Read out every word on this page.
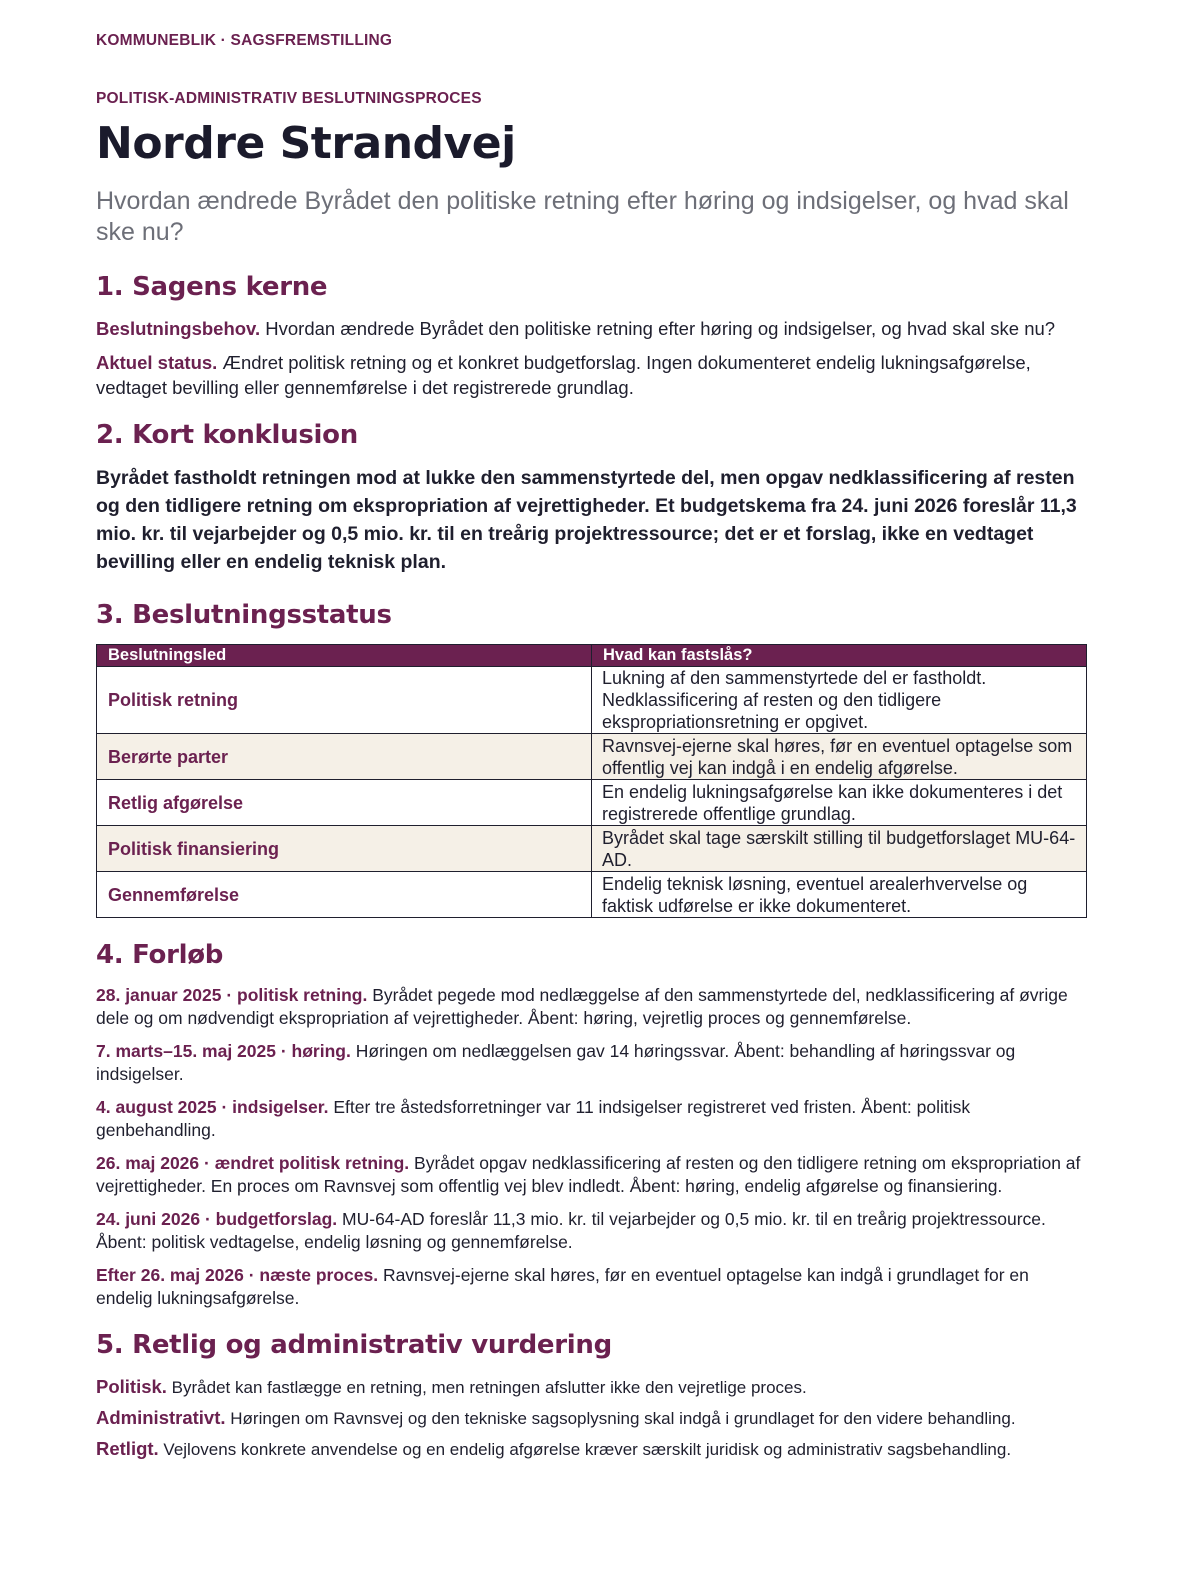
KOMMUNEBLIK · SAGSFREMSTILLING
POLITISK-ADMINISTRATIV BESLUTNINGSPROCES
Nordre Strandvej
Hvordan ændrede Byrådet den politiske retning efter høring og indsigelser, og hvad skal ske nu?
1. Sagens kerne

Beslutningsbehov. Hvordan ændrede Byrådet den politiske retning efter høring og indsigelser, og hvad skal ske nu?

Aktuel status. Ændret politisk retning og et konkret budgetforslag. Ingen dokumenteret endelig lukningsafgørelse, vedtaget bevilling eller gennemførelse i det registrerede grundlag.

2. Kort konklusion

Byrådet fastholdt retningen mod at lukke den sammenstyrtede del, men opgav nedklassificering af resten og den tidligere retning om ekspropriation af vejrettigheder. Et budgetskema fra 24. juni 2026 foreslår 11,3 mio. kr. til vejarbejder og 0,5 mio. kr. til en treårig projektressource; det er et forslag, ikke en vedtaget bevilling eller en endelig teknisk plan.

3. Beslutningsstatus
Beslutningsled	Hvad kan fastslås?
Politisk retning	Lukning af den sammenstyrtede del er fastholdt. Nedklassificering af resten og den tidligere ekspropriationsretning er opgivet.
Berørte parter	Ravnsvej-ejerne skal høres, før en eventuel optagelse som offentlig vej kan indgå i en endelig afgørelse.
Retlig afgørelse	En endelig lukningsafgørelse kan ikke dokumenteres i det registrerede offentlige grundlag.
Politisk finansiering	Byrådet skal tage særskilt stilling til budgetforslaget MU-64-AD.
Gennemførelse	Endelig teknisk løsning, eventuel arealerhvervelse og faktisk udførelse er ikke dokumenteret.
4. Forløb

28. januar 2025 · politisk retning. Byrådet pegede mod nedlæggelse af den sammenstyrtede del, nedklassificering af øvrige dele og om nødvendigt ekspropriation af vejrettigheder. Åbent: høring, vejretlig proces og gennemførelse.

7. marts–15. maj 2025 · høring. Høringen om nedlæggelsen gav 14 høringssvar. Åbent: behandling af høringssvar og indsigelser.

4. august 2025 · indsigelser. Efter tre åstedsforretninger var 11 indsigelser registreret ved fristen. Åbent: politisk genbehandling.

26. maj 2026 · ændret politisk retning. Byrådet opgav nedklassificering af resten og den tidligere retning om ekspropriation af vejrettigheder. En proces om Ravnsvej som offentlig vej blev indledt. Åbent: høring, endelig afgørelse og finansiering.

24. juni 2026 · budgetforslag. MU-64-AD foreslår 11,3 mio. kr. til vejarbejder og 0,5 mio. kr. til en treårig projektressource. Åbent: politisk vedtagelse, endelig løsning og gennemførelse.

Efter 26. maj 2026 · næste proces. Ravnsvej-ejerne skal høres, før en eventuel optagelse kan indgå i grundlaget for en endelig lukningsafgørelse.

5. Retlig og administrativ vurdering

Politisk. Byrådet kan fastlægge en retning, men retningen afslutter ikke den vejretlige proces.

Administrativt. Høringen om Ravnsvej og den tekniske sagsoplysning skal indgå i grundlaget for den videre behandling.

Retligt. Vejlovens konkrete anvendelse og en endelig afgørelse kræver særskilt juridisk og administrativ sagsbehandling.
